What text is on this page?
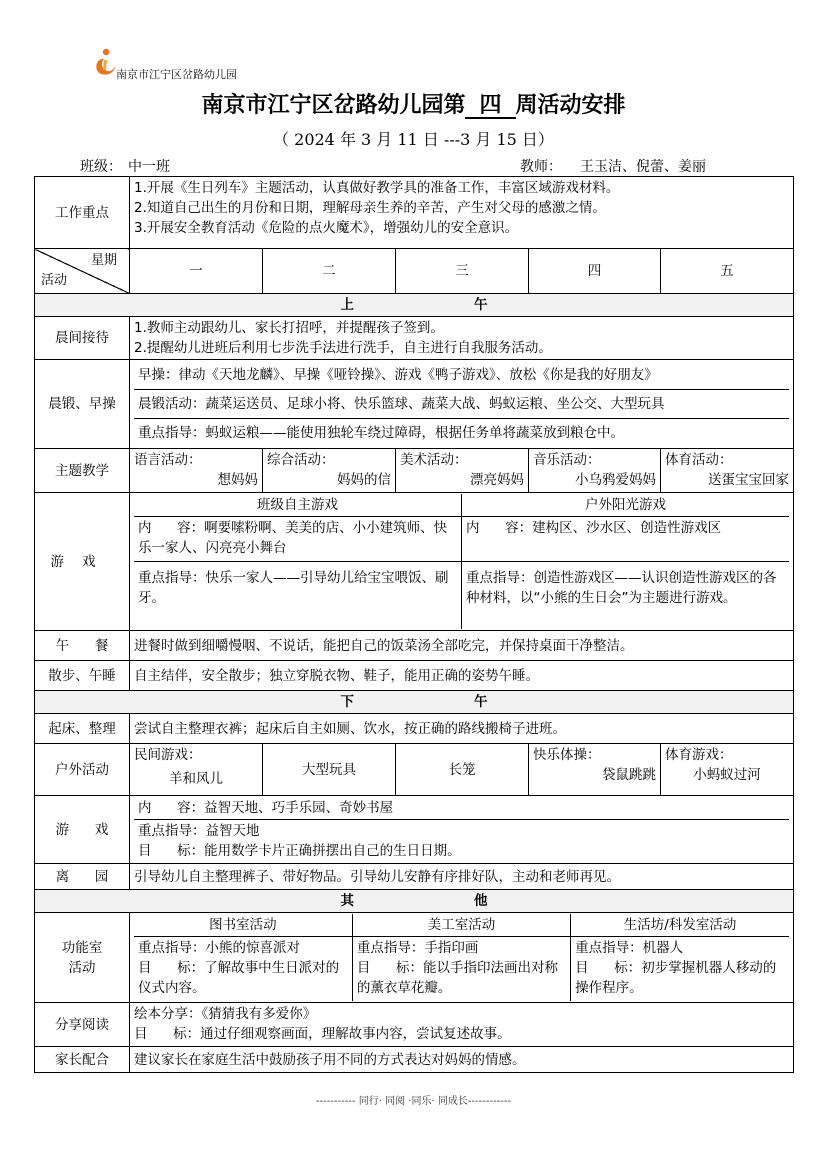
南京市江宁区岔路幼儿园
南京市江宁区岔路幼儿园第 四 周活动安排
（ 2024 年 3 月 11 日 ---3 月 15 日）
班级： 中一班	教师： 王玉洁、倪蕾、姜丽
工作重点	
1.开展《生日列车》主题活动，认真做好教学具的准备工作，丰富区域游戏材料。
2.知道自己出生的月份和日期，理解母亲生养的辛苦，产生对父母的感激之情。
3.开展安全教育活动《危险的点火魔术》，增强幼儿的安全意识。

星期
活动
	一	二	三	四	五
上	午
晨间接待	
1.教师主动跟幼儿、家长打招呼，并提醒孩子签到。
2.提醒幼儿进班后利用七步洗手法进行洗手，自主进行自我服务活动。

晨锻、早操	
早操：律动《天地龙麟》、早操《哑铃操》、游戏《鸭子游戏》、放松《你是我的好朋友》
晨锻活动：蔬菜运送员、足球小将、快乐篮球、蔬菜大战、蚂蚁运粮、坐公交、大型玩具
重点指导：蚂蚁运粮——能使用独轮车绕过障碍，根据任务单将蔬菜放到粮仓中。

主题教学	语言活动：
想妈妈
	综合活动：
妈妈的信
	美术活动：
漂亮妈妈
	音乐活动：
小乌鸦爱妈妈
	体育活动：
送蛋宝宝回家

游戏	
班级自主游戏	户外阳光游戏
内 容：啊要嗦粉啊、美美的店、小小建筑师、快乐一家人、闪亮亮小舞台	内 容：建构区、沙水区、创造性游戏区
重点指导：快乐一家人——引导幼儿给宝宝喂饭、刷牙。	重点指导：创造性游戏区——认识创造性游戏区的各种材料，以“小熊的生日会”为主题进行游戏。

午 餐	进餐时做到细嚼慢咽、不说话，能把自己的饭菜汤全部吃完，并保持桌面干净整洁。
散步、午睡	自主结伴，安全散步；独立穿脱衣物、鞋子，能用正确的姿势午睡。
下	午
起床、整理	尝试自主整理衣裤；起床后自主如厕、饮水，按正确的路线搬椅子进班。
户外活动	民间游戏：
羊和风儿
	大型玩具	长笼	快乐体操：
袋鼠跳跳
	体育游戏：
小蚂蚁过河

游 戏	
内 容：益智天地、巧手乐园、奇妙书屋

重点指导：益智天地
目 标：能用数学卡片正确拼摆出自己的生日日期。

离 园	引导幼儿自主整理裤子、带好物品。引导幼儿安静有序排好队，主动和老师再见。
其	他

功能室
活动

图书室活动	美工室活动	生活坊/科发室活动

重点指导：小熊的惊喜派对
目 标：了解故事中生日派对的仪式内容。

重点指导：手指印画
目 标：能以手指印法画出对称的薰衣草花瓣。

重点指导：机器人
目 标：初步掌握机器人移动的操作程序。

分享阅读	
绘本分享：《猜猜我有多爱你》
目 标：通过仔细观察画面，理解故事内容，尝试复述故事。

家长配合	建议家长在家庭生活中鼓励孩子用不同的方式表达对妈妈的情感。
----------- 同行· 同阅 ·同乐· 同成长------------
